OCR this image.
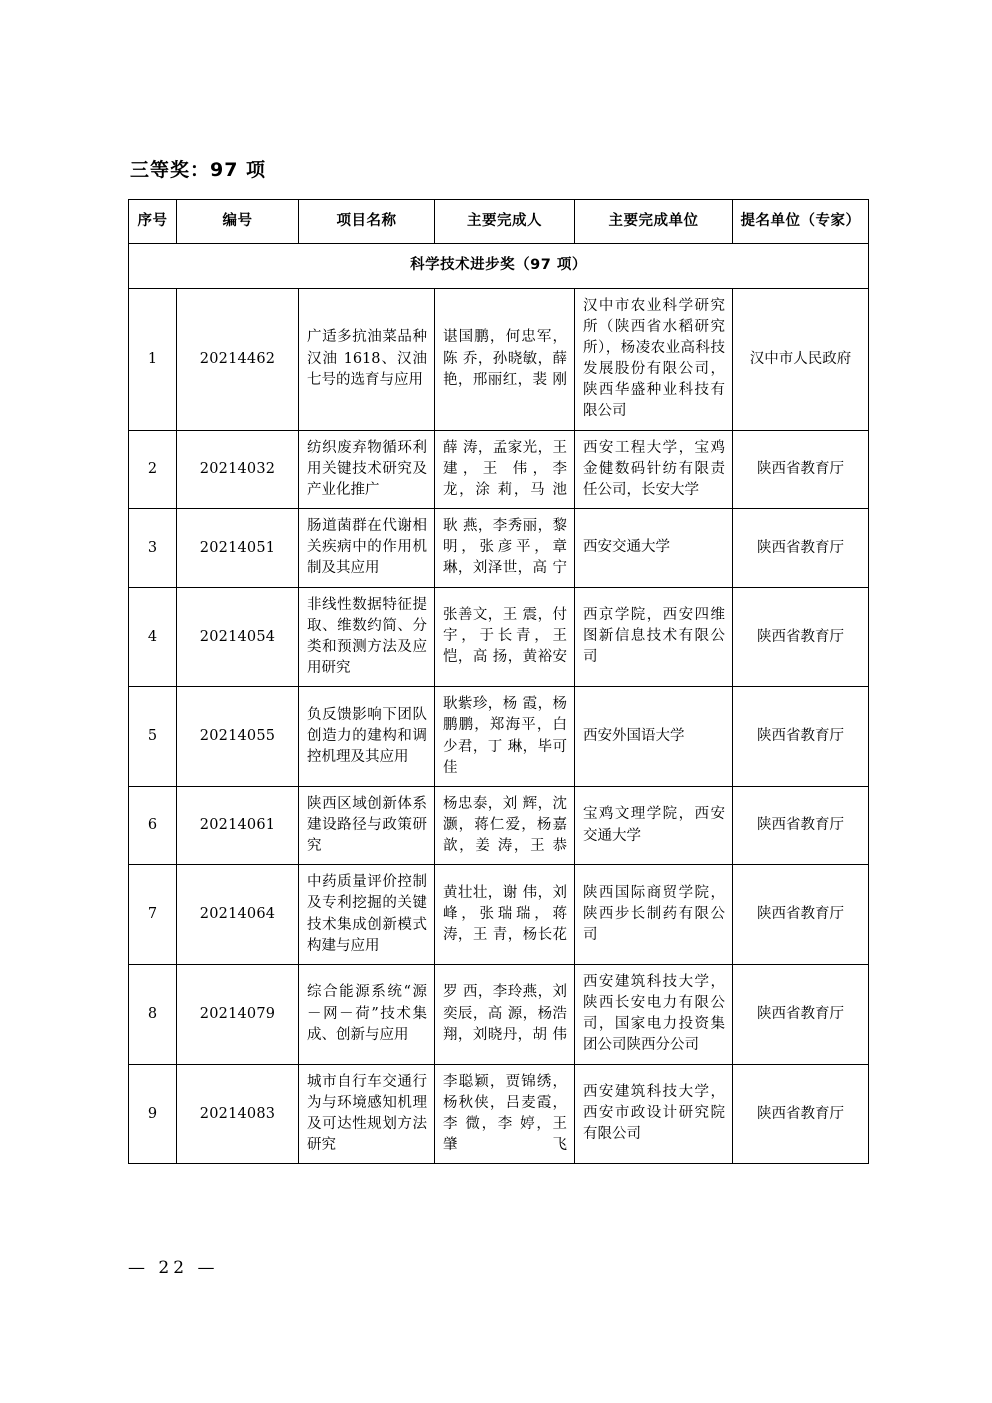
三等奖：97 项
序号	编号	项目名称	主要完成人	主要完成单位	提名单位（专家）
科学技术进步奖（97 项）					
1	20214462	广适多抗油菜品种汉油 1618、汉油七号的选育与应用	谌国鹏，何忠军，陈 乔，孙晓敏，薛 艳，邢丽红，裴 刚	汉中市农业科学研究所（陕西省水稻研究所），杨凌农业高科技发展股份有限公司，陕西华盛种业科技有限公司	汉中市人民政府
2	20214032	纺织废弃物循环利用关键技术研究及产业化推广	薛 涛，孟家光，王 建，王 伟，李 龙，涂 莉，马 池	西安工程大学，宝鸡金健数码针纺有限责任公司，长安大学	陕西省教育厅
3	20214051	肠道菌群在代谢相关疾病中的作用机制及其应用	耿 燕，李秀丽，黎 明，张彦平，章 琳，刘泽世，高 宁	西安交通大学	陕西省教育厅
4	20214054	非线性数据特征提取、维数约简、分类和预测方法及应用研究	张善文，王 震，付 宇，于长青，王 恺，高 扬，黄裕安	西京学院，西安四维图新信息技术有限公司	陕西省教育厅
5	20214055	负反馈影响下团队创造力的建构和调控机理及其应用	耿紫珍，杨 霞，杨鹏鹏，郑海平，白少君，丁 琳，毕可佳	西安外国语大学	陕西省教育厅
6	20214061	陕西区域创新体系建设路径与政策研究	杨忠泰，刘 辉，沈 灏，蒋仁爱，杨嘉歆，姜 涛，王 恭	宝鸡文理学院，西安交通大学	陕西省教育厅
7	20214064	中药质量评价控制及专利挖掘的关键技术集成创新模式构建与应用	黄壮壮，谢 伟，刘 峰，张瑞瑞，蒋 涛，王 青，杨长花	陕西国际商贸学院，陕西步长制药有限公司	陕西省教育厅
8	20214079	综合能源系统“源－网－荷”技术集成、创新与应用	罗 西，李玲燕，刘奕辰，高 源，杨浩翔，刘晓丹，胡 伟	西安建筑科技大学，陕西长安电力有限公司，国家电力投资集团公司陕西分公司	陕西省教育厅
9	20214083	城市自行车交通行为与环境感知机理及可达性规划方法研究	李聪颖，贾锦绣，杨秋侠，吕麦霞，李 微，李 婷，王肇飞	西安建筑科技大学，西安市政设计研究院有限公司	陕西省教育厅
— 22 —
